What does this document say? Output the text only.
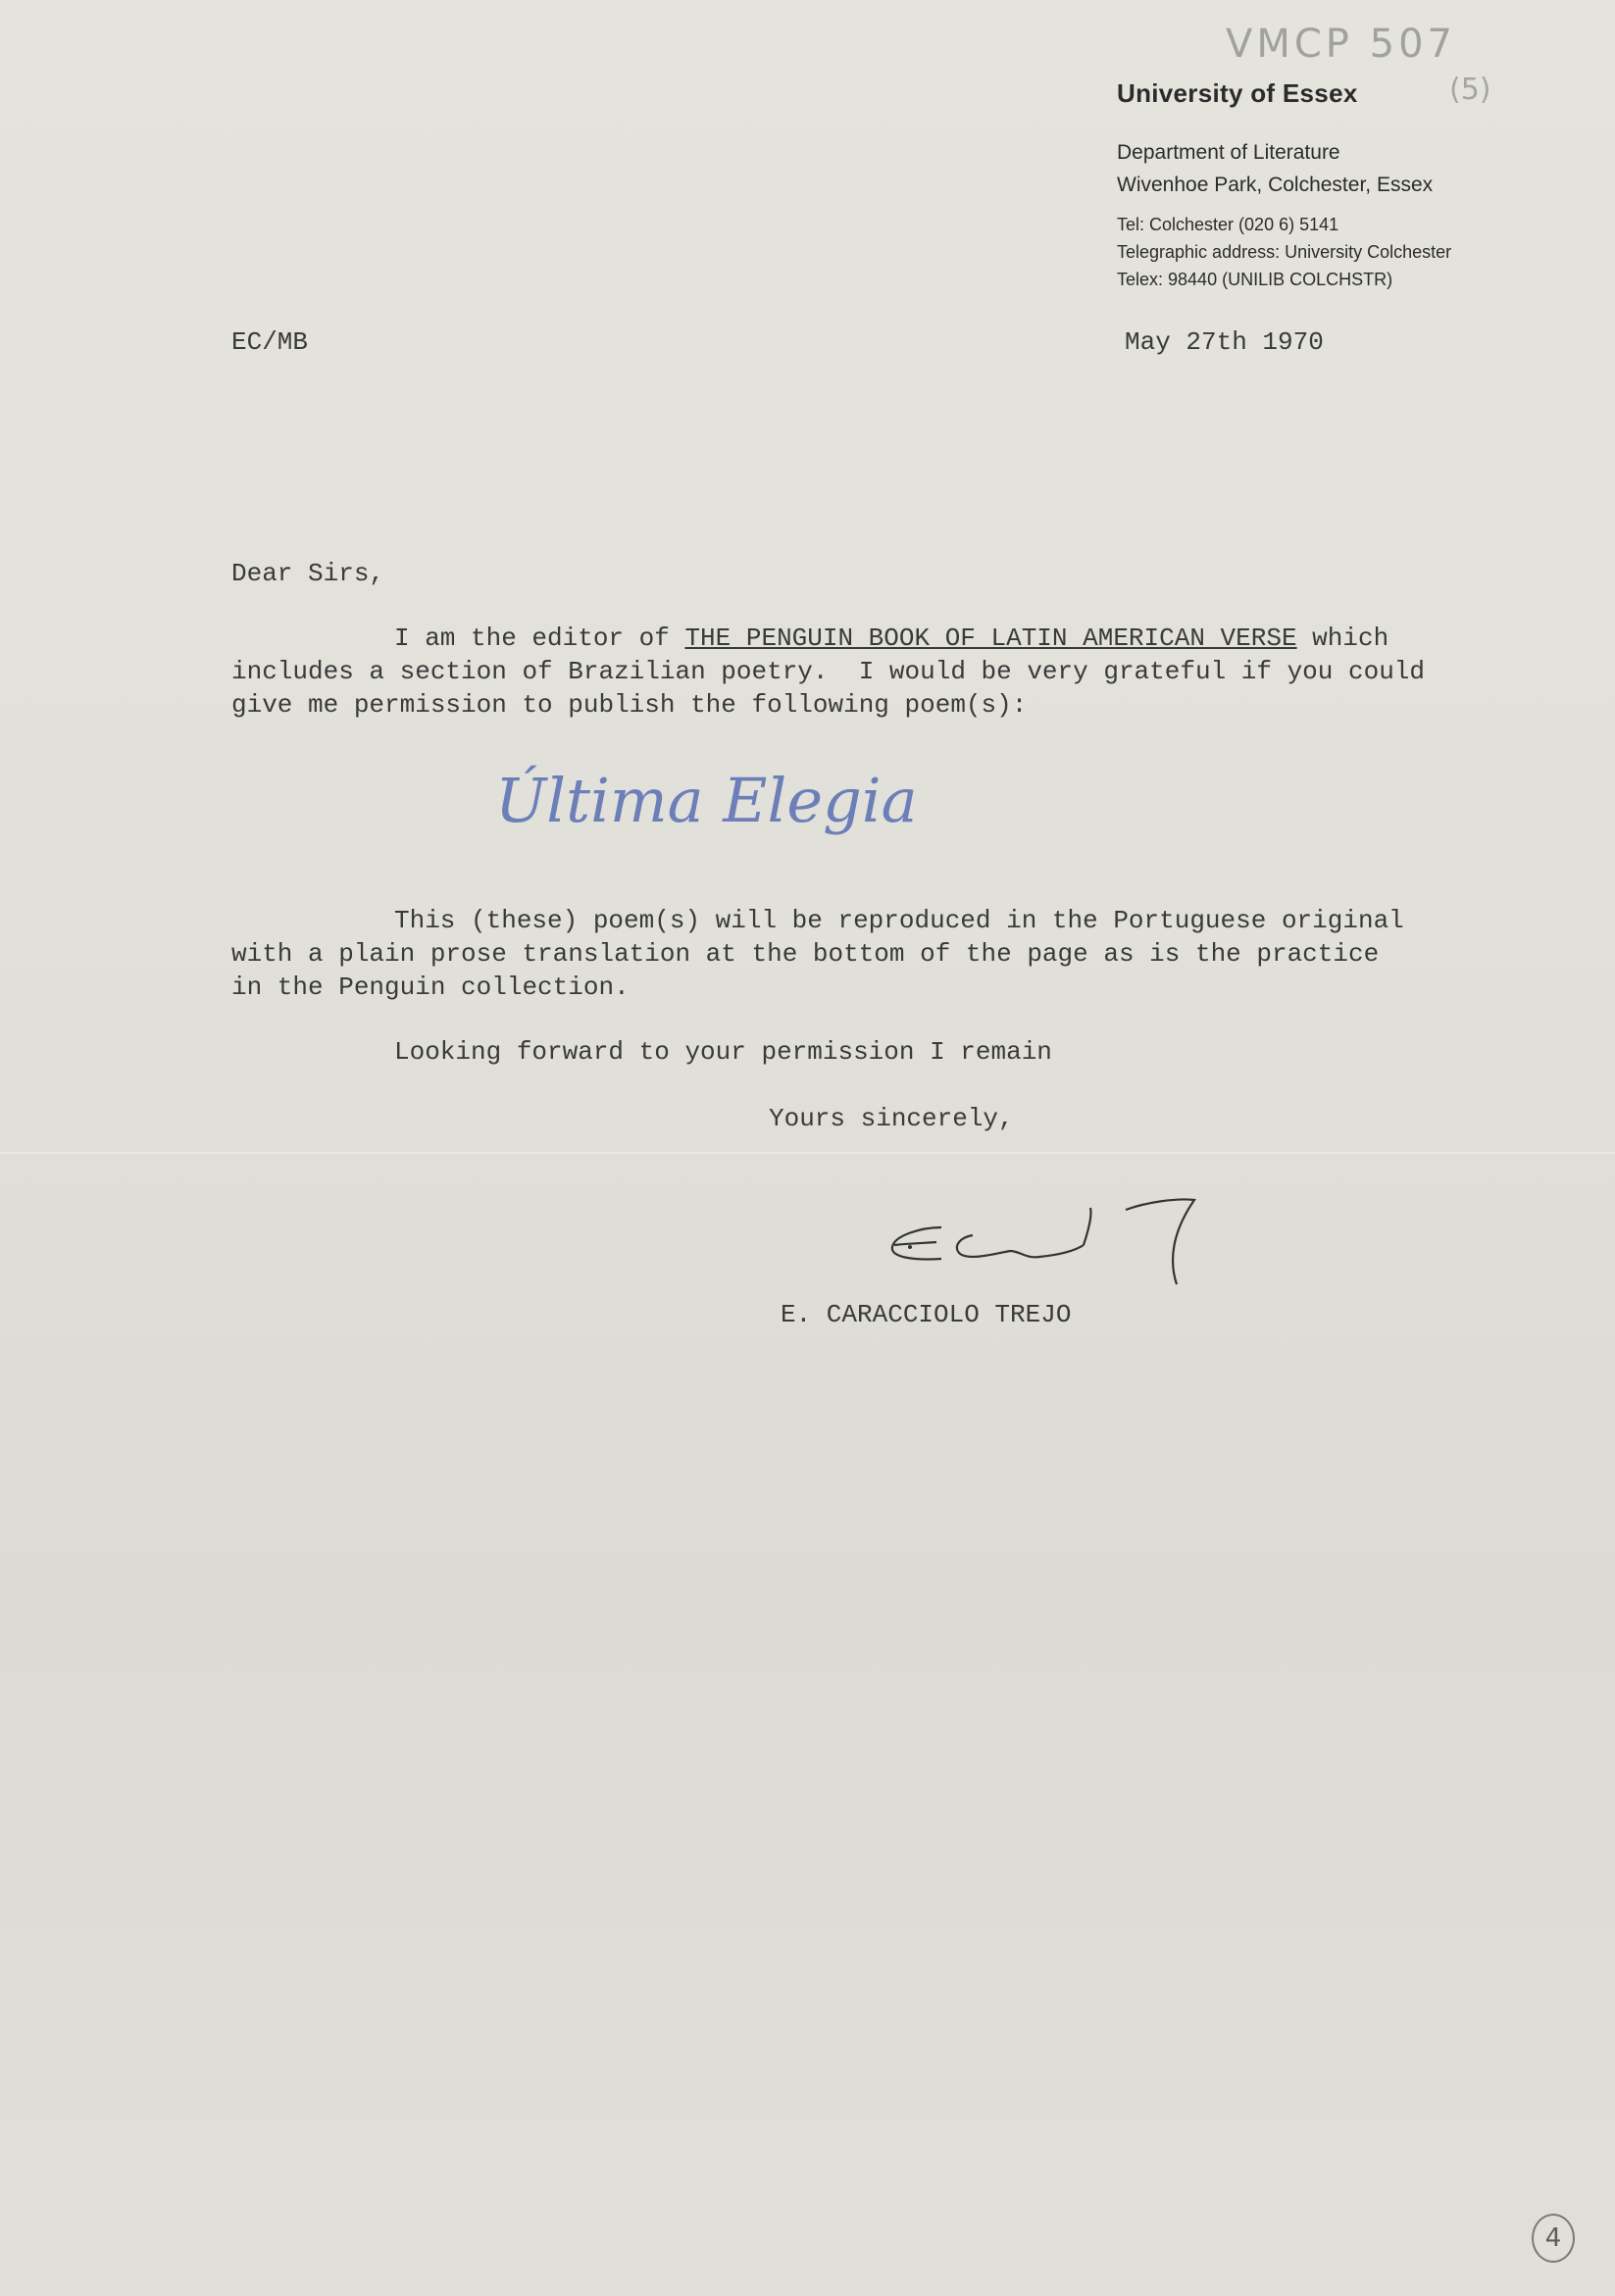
VMCP 507
(5)
University of Essex
Department of Literature
Wivenhoe Park, Colchester, Essex
Tel: Colchester (020 6) 5141
Telegraphic address: University Colchester
Telex: 98440 (UNILIB COLCHSTR)
EC/MB	May 27th 1970
Dear Sirs,
I am the editor of THE PENGUIN BOOK OF LATIN AMERICAN VERSE which
includes a section of Brazilian poetry.  I would be very grateful if you could
give me permission to publish the following poem(s):
Última Elegia
This (these) poem(s) will be reproduced in the Portuguese original
with a plain prose translation at the bottom of the page as is the practice
in the Penguin collection.
Looking forward to your permission I remain
Yours sincerely,
E. CARACCIOLO TREJO
4
